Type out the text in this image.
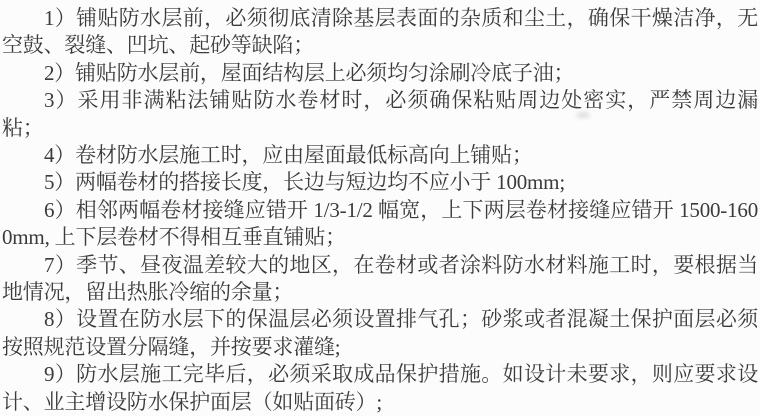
1）铺贴防水层前，必须彻底清除基层表面的杂质和尘土，确保干燥洁净，无空鼓、裂缝、凹坑、起砂等缺陷；

2）铺贴防水层前，屋面结构层上必须均匀涂刷冷底子油；

3）采用非满粘法铺贴防水卷材时，必须确保粘贴周边处密实，严禁周边漏粘；

4）卷材防水层施工时，应由屋面最低标高向上铺贴；

5）两幅卷材的搭接长度，长边与短边均不应小于 100mm;

6）相邻两幅卷材接缝应错开 1/3-1/2 幅宽，上下两层卷材接缝应错开 1500-1600mm, 上下层卷材不得相互垂直铺贴；

7）季节、昼夜温差较大的地区，在卷材或者涂料防水材料施工时，要根据当地情况，留出热胀冷缩的余量；

8）设置在防水层下的保温层必须设置排气孔；砂浆或者混凝土保护面层必须按照规范设置分隔缝，并按要求灌缝;

9）防水层施工完毕后，必须采取成品保护措施。如设计未要求，则应要求设计、业主增设防水保护面层（如贴面砖）;
